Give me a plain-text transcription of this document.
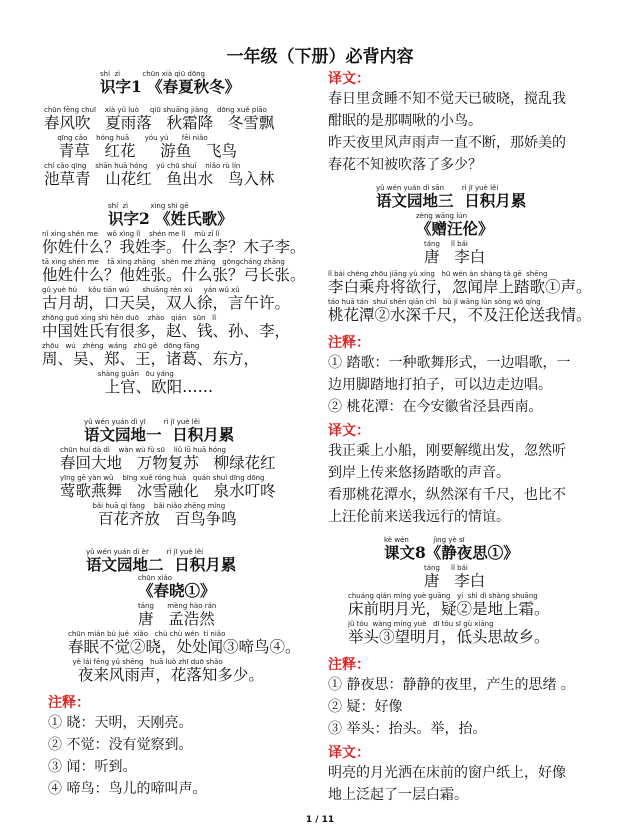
一年级（下册）必背内容
shí  zì          chūn xià qiū dōng
识字1 《春夏秋冬》
chūn fēng chuī    xià yǔ luò     qiū shuāng jiàng    dōng xuě piāo
春风吹   夏雨落   秋霜降   冬雪飘
qīng cǎo    hóng huā       yóu yú      fēi niǎo
青草   红花     游鱼   飞鸟
chí cǎo qīng    shān huā hóng    yú chū shuǐ    niǎo rù lín
池草青   山花红   鱼出水   鸟入林
shí  zì          xìng shì gē
识字2 《姓氏歌》
nǐ xìng shén me    wǒ xìng lǐ    shén me lǐ    mù zǐ lǐ
你姓什么？我姓李。什么李？木子李。
tā xìng shén me    tā xìng zhāng   shén me zhāng   gōngcháng zhāng
他姓什么？他姓张。什么张？弓长张。
gǔ yuè hú     kǒu tiān wú      shuāng rén xú     yán wǔ xǔ
古月胡，口天吴，双人徐，言午许。
zhōng guó xìng shì hěn duō    zhào   qián   sūn   lǐ
中国姓氏有很多，赵、钱、孙、李，
zhōu   wú   zhèng  wáng   zhū gě   dōng fāng
周、吴、郑、王，诸葛、东方，
shàng guān   ōu yáng
上官、欧阳……
yǔ wén yuán dì yī        rì jī yuè lěi
语文园地一  日积月累
chūn huí dà dì    wàn wù fù sū    liǔ lǜ huā hóng
春回大地   万物复苏   柳绿花红
yīng gē yàn wǔ    bīng xuě róng huà   quán shuǐ dīng dōng
莺歌燕舞   冰雪融化   泉水叮咚
bǎi huā qí fàng    bǎi niǎo zhēng míng
百花齐放   百鸟争鸣
yǔ wén yuán dì èr        rì jī yuè lěi
语文园地二  日积月累
chūn xiǎo
《春晓①》
táng      mèng hào rán
唐   孟浩然
chūn mián bù jué  xiǎo   chù chù wén  tí niǎo
春眠不觉②晓，处处闻③啼鸟④。
yè lái fēng yǔ shēng   huā luò zhī duō shǎo
夜来风雨声，花落知多少。
注释：
① 晓：天明，天刚亮。
② 不觉：没有觉察到。
③ 闻：听到。
④ 啼鸟：鸟儿的啼叫声。
译文：
春日里贪睡不知不觉天已破晓，搅乱我
酣眠的是那啁啾的小鸟。
昨天夜里风声雨声一直不断，那娇美的
春花不知被吹落了多少？
yǔ wén yuán dì sān        rì jī yuè lěi
语文园地三  日积月累
zèng wāng lún
《赠汪伦》
táng     lǐ bái
唐   李白
lǐ bái chéng zhōu jiāng yù xíng   hū wén àn shàng tà gē  shēng
李白乘舟将欲行，忽闻岸上踏歌①声。
táo huā tán  shuǐ shēn qiān chǐ   bù jí wāng lún sòng wǒ qíng
桃花潭②水深千尺，不及汪伦送我情。
注释：
① 踏歌：一种歌舞形式，一边唱歌，一
边用脚踏地打拍子，可以边走边唱。
② 桃花潭：在今安徽省泾县西南。
译文：
我正乘上小船，刚要解缆出发，忽然听
到岸上传来悠扬踏歌的声音。
看那桃花潭水，纵然深有千尺，也比不
上汪伦前来送我远行的情谊。
kè wén           jìng yè sī
课文8《静夜思①》
táng     lǐ bái
唐   李白
chuáng qián míng yuè guāng   yí  shì dì shàng shuāng
床前明月光，疑②是地上霜。
jǔ tóu  wàng míng yuè   dī tóu sī gù xiāng
举头③望明月，低头思故乡。
注释：
① 静夜思：静静的夜里，产生的思绪 。
② 疑：好像
③ 举头：抬头。举，抬。
译文：
明亮的月光洒在床前的窗户纸上，好像
地上泛起了一层白霜。
1 / 11
